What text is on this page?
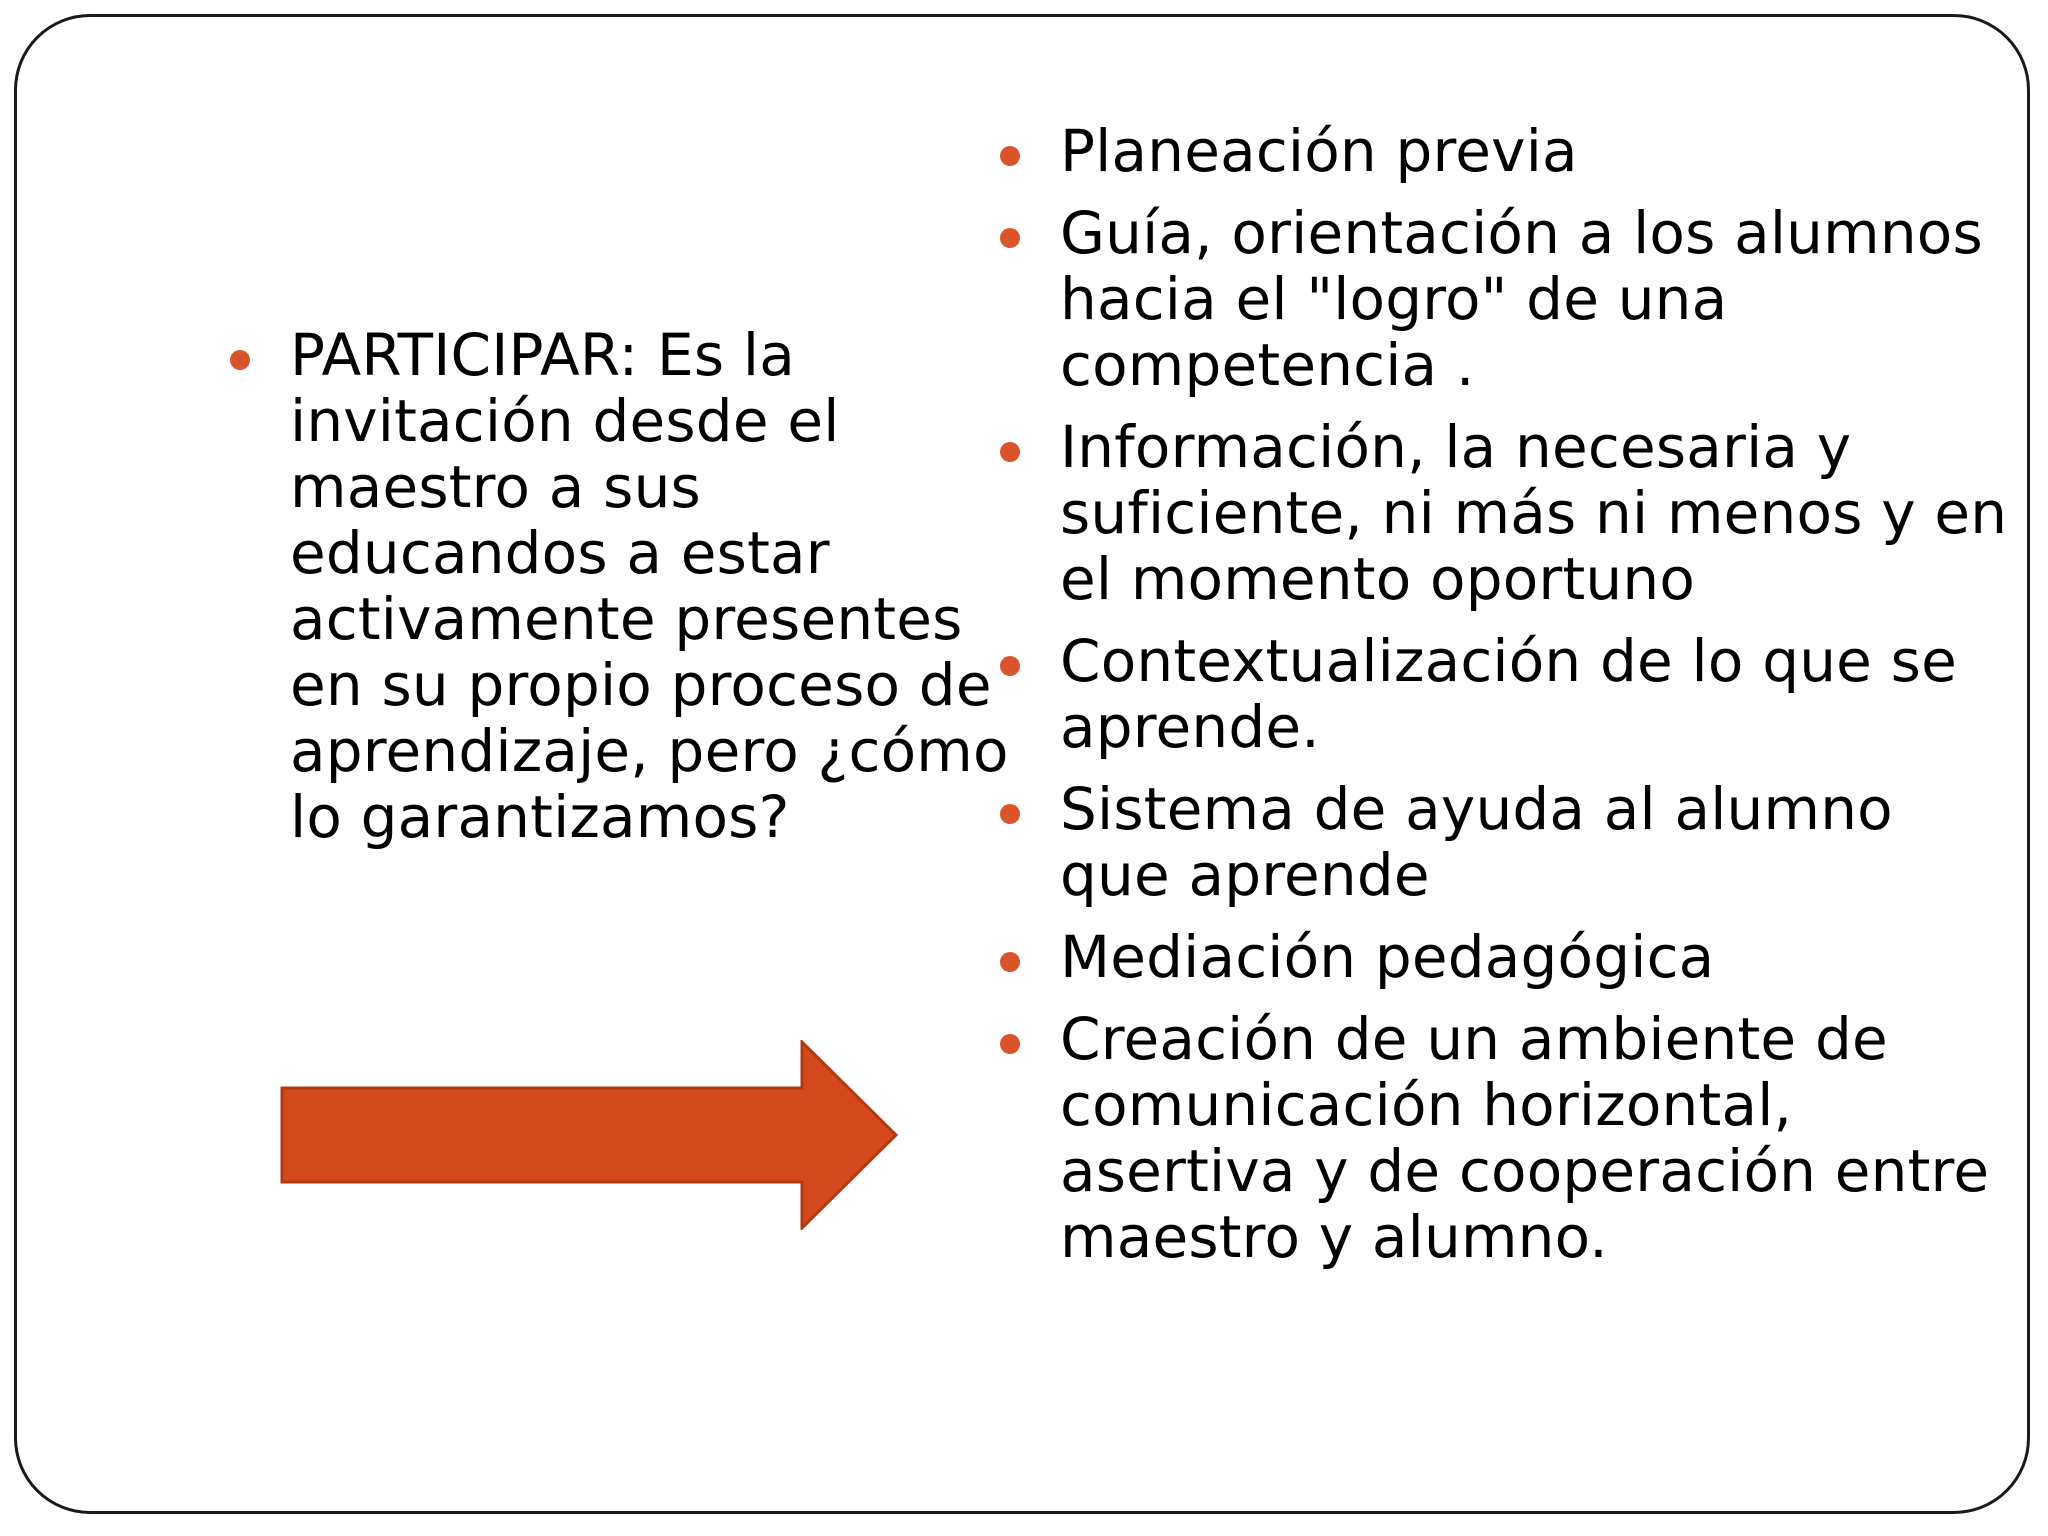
PARTICIPAR: Es la invitación desde el maestro a sus educandos a estar activamente presentes en su propio proceso de aprendizaje, pero ¿cómo lo garantizamos?
Planeación previa
Guía, orientación a los alumnos hacia el "logro" de una competencia .
Información, la necesaria y suficiente, ni más ni menos y en el momento oportuno
Contextualización de lo que se aprende.
Sistema de ayuda al alumno que aprende
Mediación pedagógica
Creación de un ambiente de comunicación horizontal, asertiva y de cooperación entre maestro y alumno.
